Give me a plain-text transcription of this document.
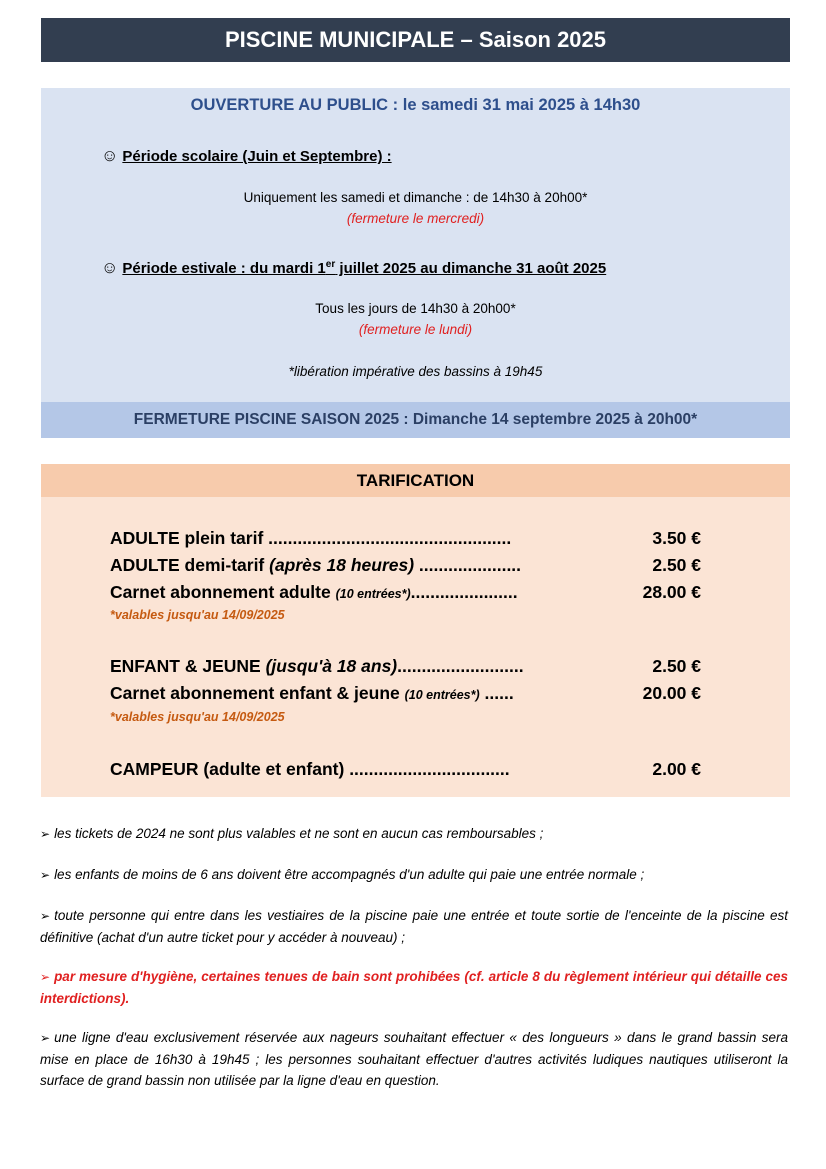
PISCINE MUNICIPALE – Saison 2025
OUVERTURE AU PUBLIC : le samedi 31 mai 2025 à 14h30
☺ Période scolaire (Juin et Septembre) :
Uniquement les samedi et dimanche : de 14h30 à 20h00*
(fermeture le mercredi)
☺ Période estivale : du mardi 1er juillet 2025 au dimanche 31 août 2025
Tous les jours de 14h30 à 20h00*
(fermeture le lundi)
*libération impérative des bassins à 19h45
FERMETURE PISCINE SAISON 2025 : Dimanche 14 septembre 2025 à 20h00*
TARIFICATION
ADULTE plein tarif ..................................................	3.50 €
ADULTE demi-tarif (après 18 heures) .....................	2.50 €
Carnet abonnement adulte (10 entrées*)......................	28.00 €
*valables jusqu'au 14/09/2025
ENFANT & JEUNE (jusqu'à 18 ans)..........................	2.50 €
Carnet abonnement enfant & jeune (10 entrées*) ......	20.00 €
*valables jusqu'au 14/09/2025
CAMPEUR (adulte et enfant) .................................	2.00 €
➢ les tickets de 2024 ne sont plus valables et ne sont en aucun cas remboursables ;
➢ les enfants de moins de 6 ans doivent être accompagnés d'un adulte qui paie une entrée normale ;
➢ toute personne qui entre dans les vestiaires de la piscine paie une entrée et toute sortie de l'enceinte de la piscine est définitive (achat d'un autre ticket pour y accéder à nouveau) ;
➢ par mesure d'hygiène, certaines tenues de bain sont prohibées (cf. article 8 du règlement intérieur qui détaille ces interdictions).
➢ une ligne d'eau exclusivement réservée aux nageurs souhaitant effectuer « des longueurs » dans le grand bassin sera mise en place de 16h30 à 19h45 ; les personnes souhaitant effectuer d'autres activités ludiques nautiques utiliseront la surface de grand bassin non utilisée par la ligne d'eau en question.
